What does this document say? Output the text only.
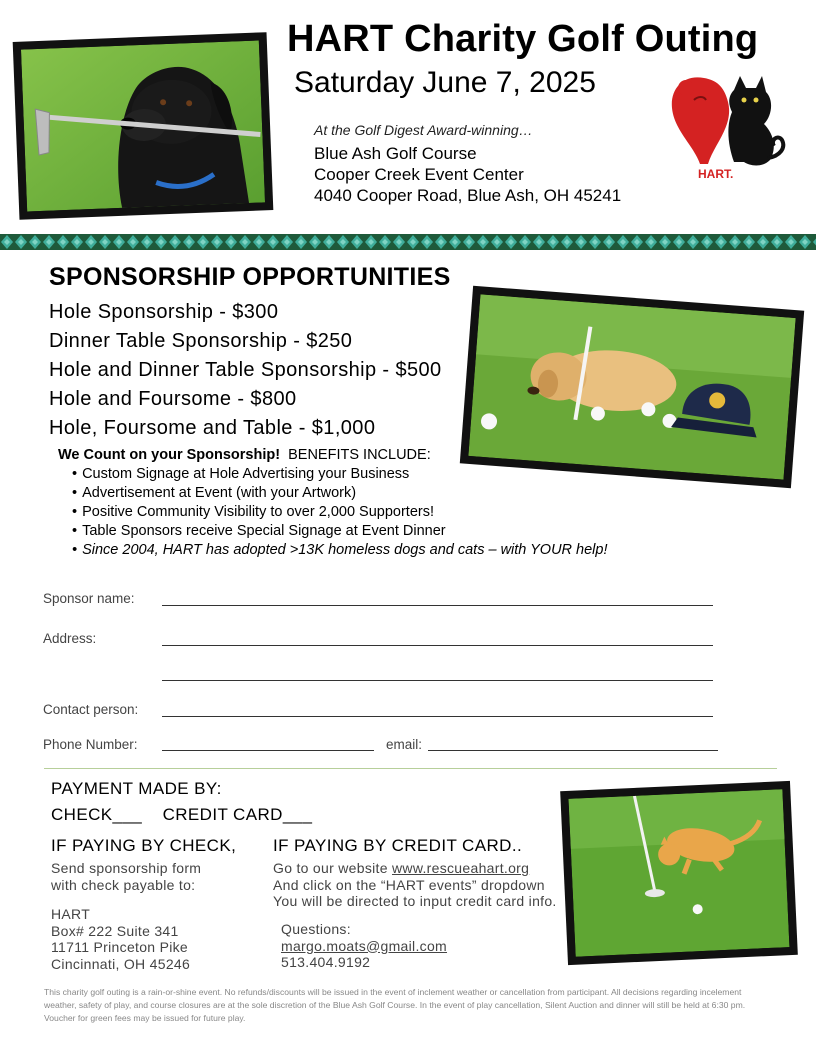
HART Charity Golf Outing
Saturday June 7, 2025
At the Golf Digest Award-winning…
Blue Ash Golf Course
Cooper Creek Event Center
4040 Cooper Road, Blue Ash, OH 45241
HART.
SPONSORSHIP OPPORTUNITIES
Hole Sponsorship - $300
Dinner Table Sponsorship - $250
Hole and Dinner Table Sponsorship - $500
Hole and Foursome - $800
Hole, Foursome and Table - $1,000
We Count on your Sponsorship!  BENEFITS INCLUDE:
• Custom Signage at Hole Advertising your Business
• Advertisement at Event (with your Artwork)
• Positive Community Visibility to over 2,000 Supporters!
• Table Sponsors receive Special Signage at Event Dinner
• Since 2004, HART has adopted >13K homeless dogs and cats – with YOUR help!
Sponsor name:
Address:
Contact person:
Phone Number:	email:
PAYMENT MADE BY:
CHECK___    CREDIT CARD___
IF PAYING BY CHECK,
Send sponsorship form
with check payable to:
HART
Box# 222 Suite 341
11711 Princeton Pike
Cincinnati, OH 45246
IF PAYING BY CREDIT CARD..
Go to our website www.rescueahart.org
And click on the “HART events” dropdown
You will be directed to input credit card info.
Questions:
margo.moats@gmail.com
513.404.9192
This charity golf outing is a rain-or-shine event. No refunds/discounts will be issued in the event of inclement weather or cancellation from participant. All decisions regarding incelement weather, safety of play, and course closures are at the sole discretion of the Blue Ash Golf Course. In the event of play cancellation, Silent Auction and dinner will still be held at 6:30 pm. Voucher for green fees may be issued for future play.
